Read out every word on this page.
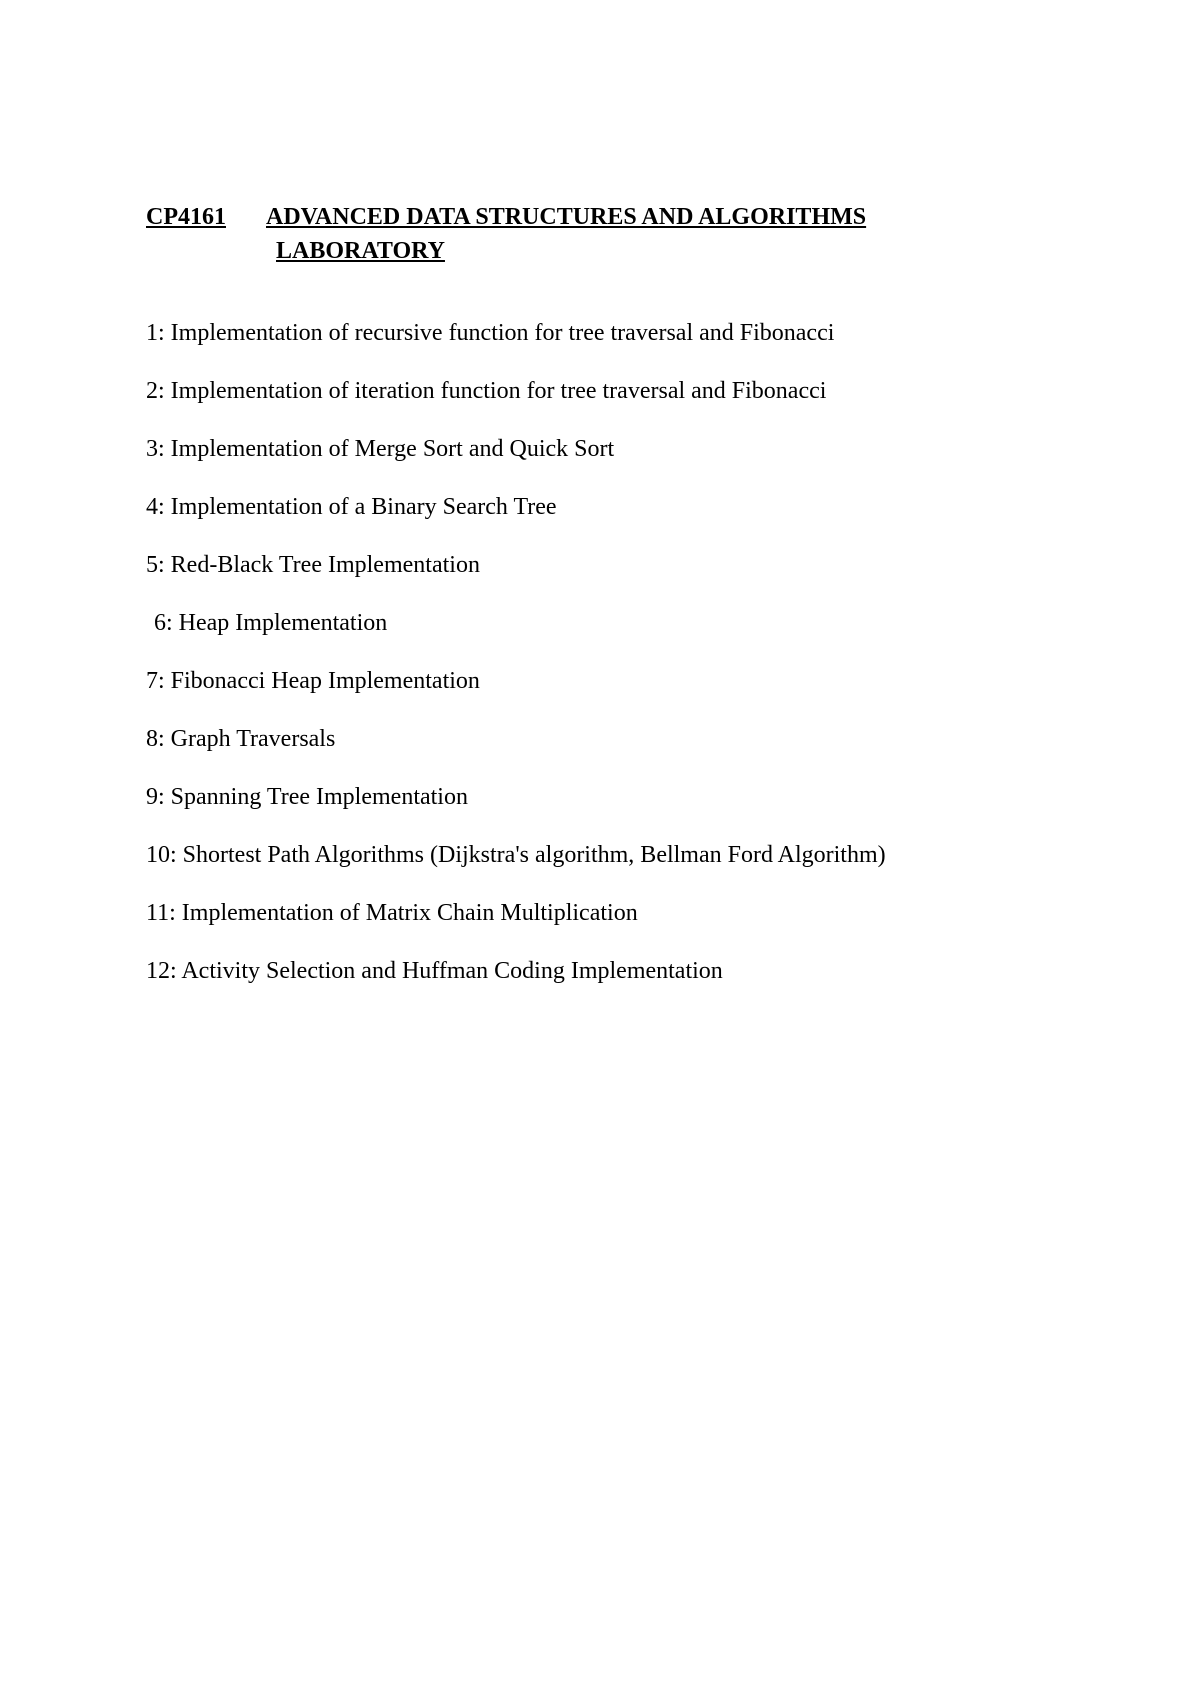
CP4161 ADVANCED DATA STRUCTURES AND ALGORITHMS
LABORATORY
1: Implementation of recursive function for tree traversal and Fibonacci
2: Implementation of iteration function for tree traversal and Fibonacci
3: Implementation of Merge Sort and Quick Sort
4: Implementation of a Binary Search Tree
5: Red-Black Tree Implementation
6: Heap Implementation
7: Fibonacci Heap Implementation
8: Graph Traversals
9: Spanning Tree Implementation
10: Shortest Path Algorithms (Dijkstra's algorithm, Bellman Ford Algorithm)
11: Implementation of Matrix Chain Multiplication
12: Activity Selection and Huffman Coding Implementation
